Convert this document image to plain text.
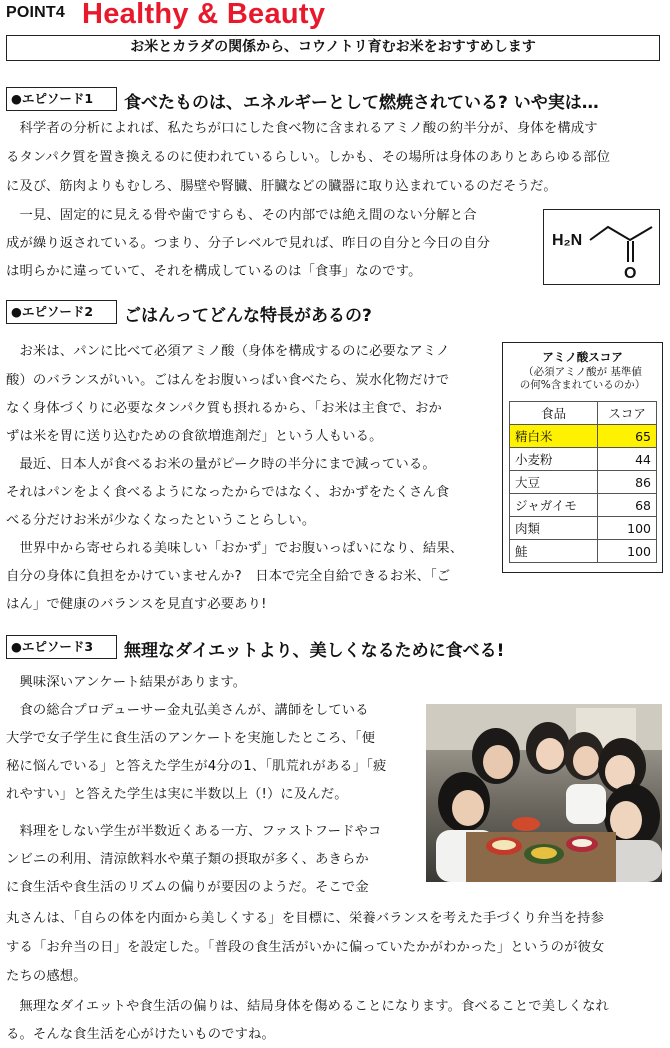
POINT4 Healthy & Beauty
お米とカラダの関係から、コウノトリ育むお米をおすすめします
●エピソード1	食べたものは、エネルギーとして燃焼されている? いや実は…
　科学者の分析によれば、私たちが口にした食べ物に含まれるアミノ酸の約半分が、身体を構成す
るタンパク質を置き換えるのに使われているらしい。しかも、その場所は身体のありとあらゆる部位
に及び、筋肉よりもむしろ、腸壁や腎臓、肝臓などの臓器に取り込まれているのだそうだ。
　一見、固定的に見える骨や歯ですらも、その内部では絶え間のない分解と合
成が繰り返されている。つまり、分子レベルで見れば、昨日の自分と今日の自分
は明らかに違っていて、それを構成しているのは「食事」なのです。
H₂N
O
●エピソード2	ごはんってどんな特長があるの?
　お米は、パンに比べて必須アミノ酸（身体を構成するのに必要なアミノ
酸）のバランスがいい。ごはんをお腹いっぱい食べたら、炭水化物だけで
なく身体づくりに必要なタンパク質も摂れるから、「お米は主食で、おか
ずは米を胃に送り込むための食欲増進剤だ」という人もいる。
　最近、日本人が食べるお米の量がピーク時の半分にまで減っている。
それはパンをよく食べるようになったからではなく、おかずをたくさん食
べる分だけお米が少なくなったということらしい。
　世界中から寄せられる美味しい「おかず」でお腹いっぱいになり、結果、
自分の身体に負担をかけていませんか?　日本で完全自給できるお米、「ご
はん」で健康のバランスを見直す必要あり!
アミノ酸スコア
（必須アミノ酸が 基準値
の何%含まれているのか）
食品	スコア
精白米	65
小麦粉	44
大豆	86
ジャガイモ	68
肉類	100
鮭	100
●エピソード3	無理なダイエットより、美しくなるために食べる!
　興味深いアンケート結果があります。
　食の総合プロデューサー金丸弘美さんが、講師をしている
大学で女子学生に食生活のアンケートを実施したところ、「便
秘に悩んでいる」と答えた学生が4分の1、「肌荒れがある」「疲
れやすい」と答えた学生は実に半数以上（!）に及んだ。
　料理をしない学生が半数近くある一方、ファストフードやコ
ンビニの利用、清涼飲料水や菓子類の摂取が多く、あきらか
に食生活や食生活のリズムの偏りが要因のようだ。そこで金
丸さんは、「自らの体を内面から美しくする」を目標に、栄養バランスを考えた手づくり弁当を持参
する「お弁当の日」を設定した。「普段の食生活がいかに偏っていたかがわかった」というのが彼女
たちの感想。
　無理なダイエットや食生活の偏りは、結局身体を傷めることになります。食べることで美しくなれ
る。そんな食生活を心がけたいものですね。
